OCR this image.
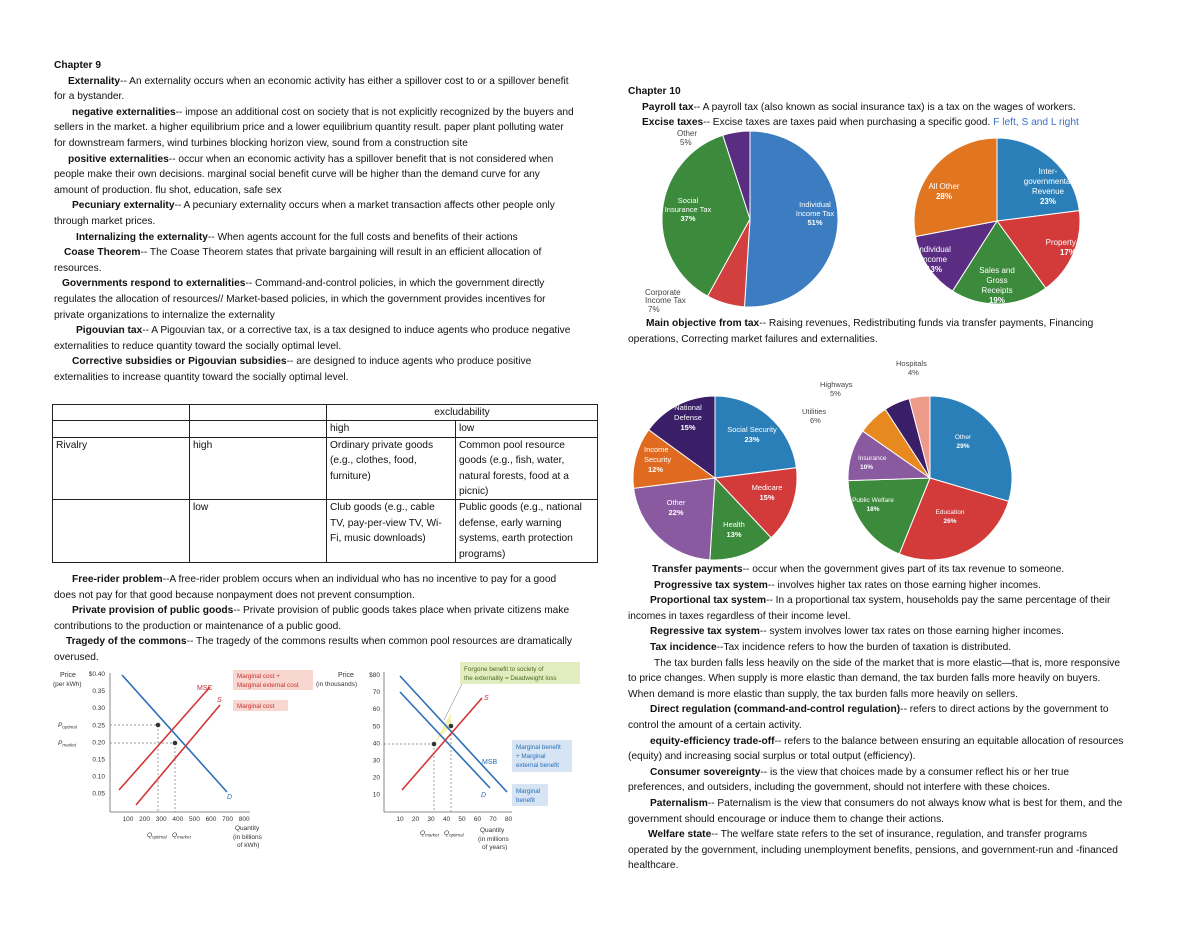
Chapter 9

Externality-- An externality occurs when an economic activity has either a spillover cost to or a spillover benefit for a bystander.

negative externalities-- impose an additional cost on society that is not explicitly recognized by the buyers and sellers in the market. a higher equilibrium price and a lower equilibrium quantity result. paper plant polluting water for downstream farmers, wind turbines blocking horizon view, sound from a construction site

positive externalities-- occur when an economic activity has a spillover benefit that is not considered when people make their own decisions. marginal social benefit curve will be higher than the demand curve for any amount of production. flu shot, education, safe sex

Pecuniary externality-- A pecuniary externality occurs when a market transaction affects other people only through market prices.

Internalizing the externality-- When agents account for the full costs and benefits of their actions

Coase Theorem-- The Coase Theorem states that private bargaining will result in an efficient allocation of resources.

Governments respond to externalities-- Command-and-control policies, in which the government directly regulates the allocation of resources// Market-based policies, in which the government provides incentives for private organizations to internalize the externality

Pigouvian tax-- A Pigouvian tax, or a corrective tax, is a tax designed to induce agents who produce negative externalities to reduce quantity toward the socially optimal level.

Corrective subsidies or Pigouvian subsidies-- are designed to induce agents who produce positive externalities to increase quantity toward the socially optimal level.

		excludability	
		high	low
Rivalry	high	Ordinary private goods (e.g., clothes, food, furniture)	Common pool resource goods (e.g., fish, water, natural forests, food at a picnic)
	low	Club goods (e.g., cable TV, pay-per-view TV, Wi-Fi, music downloads)	Public goods (e.g., national defense, early warning systems, earth protection programs)

Free-rider problem--A free-rider problem occurs when an individual who has no incentive to pay for a good does not pay for that good because nonpayment does not prevent consumption.

Private provision of public goods-- Private provision of public goods takes place when private citizens make contributions to the production or maintenance of a public good.

Tragedy of the commons-- The tragedy of the commons results when common pool resources are dramatically overused.

Price
(per kWh)
$0.40
0.35
0.30
0.25
0.20
0.15
0.10
0.05
100 200 300 400 500 600 700 800
MSC
S
D
Marginal cost +
Marginal external cost
Marginal cost
$P_{optimal}$
$P_{market}$
$Q_{optimal}$ $Q_{market}$
Quantity
(in billions
of kWh)
Price
(in thousands)
$80
70
60
50
40
30
20
10
10 20 30 40 50 60 70 80
Forgone benefit to society of
the externality = Deadweight loss
S
MSB
D
Marginal benefit
+ Marginal
external benefit
Marginal
benefit
$Q_{market}$ $Q_{optimal}$
Quantity
(in millions
of years)

Chapter 10

Payroll tax-- A payroll tax (also known as social insurance tax) is a tax on the wages of workers.

Excise taxes-- Excise taxes are taxes paid when purchasing a specific good. F left, S and L right

Other
5%
Social
Insurance Tax
37%
Individual
Income Tax
51%
Corporate
Income Tax
7%
All Other
28%
Inter-
governmental
Revenue
23%
Property Tax
17%
Individual
Income
13%	Sales and
Gross
Receipts
19%

Main objective from tax-- Raising revenues, Redistributing funds via transfer payments, Financing operations, Correcting market failures and externalities.

National
Defense
15%	Social Security
23%
Medicare
15%
Health
13%
Other
22%
Income
Security
12%
Hospitals
4%
Highways
5%
Utilities
6%
Insurance
10%
Other
29%
Education
26%
Public Welfare
18%

Transfer payments-- occur when the government gives part of its tax revenue to someone.

Progressive tax system-- involves higher tax rates on those earning higher incomes.

Proportional tax system-- In a proportional tax system, households pay the same percentage of their incomes in taxes regardless of their income level.

Regressive tax system-- system involves lower tax rates on those earning higher incomes.

Tax incidence--Tax incidence refers to how the burden of taxation is distributed.

The tax burden falls less heavily on the side of the market that is more elastic—that is, more responsive to price changes. When supply is more elastic than demand, the tax burden falls more heavily on buyers. When demand is more elastic than supply, the tax burden falls more heavily on sellers.

Direct regulation (command-and-control regulation)-- refers to direct actions by the government to control the amount of a certain activity.

equity-efficiency trade-off-- refers to the balance between ensuring an equitable allocation of resources (equity) and increasing social surplus or total output (efficiency).

Consumer sovereignty-- is the view that choices made by a consumer reflect his or her true preferences, and outsiders, including the government, should not interfere with these choices.

Paternalism-- Paternalism is the view that consumers do not always know what is best for them, and the government should encourage or induce them to change their actions.

Welfare state-- The welfare state refers to the set of insurance, regulation, and transfer programs operated by the government, including unemployment benefits, pensions, and government-run and -financed healthcare.
